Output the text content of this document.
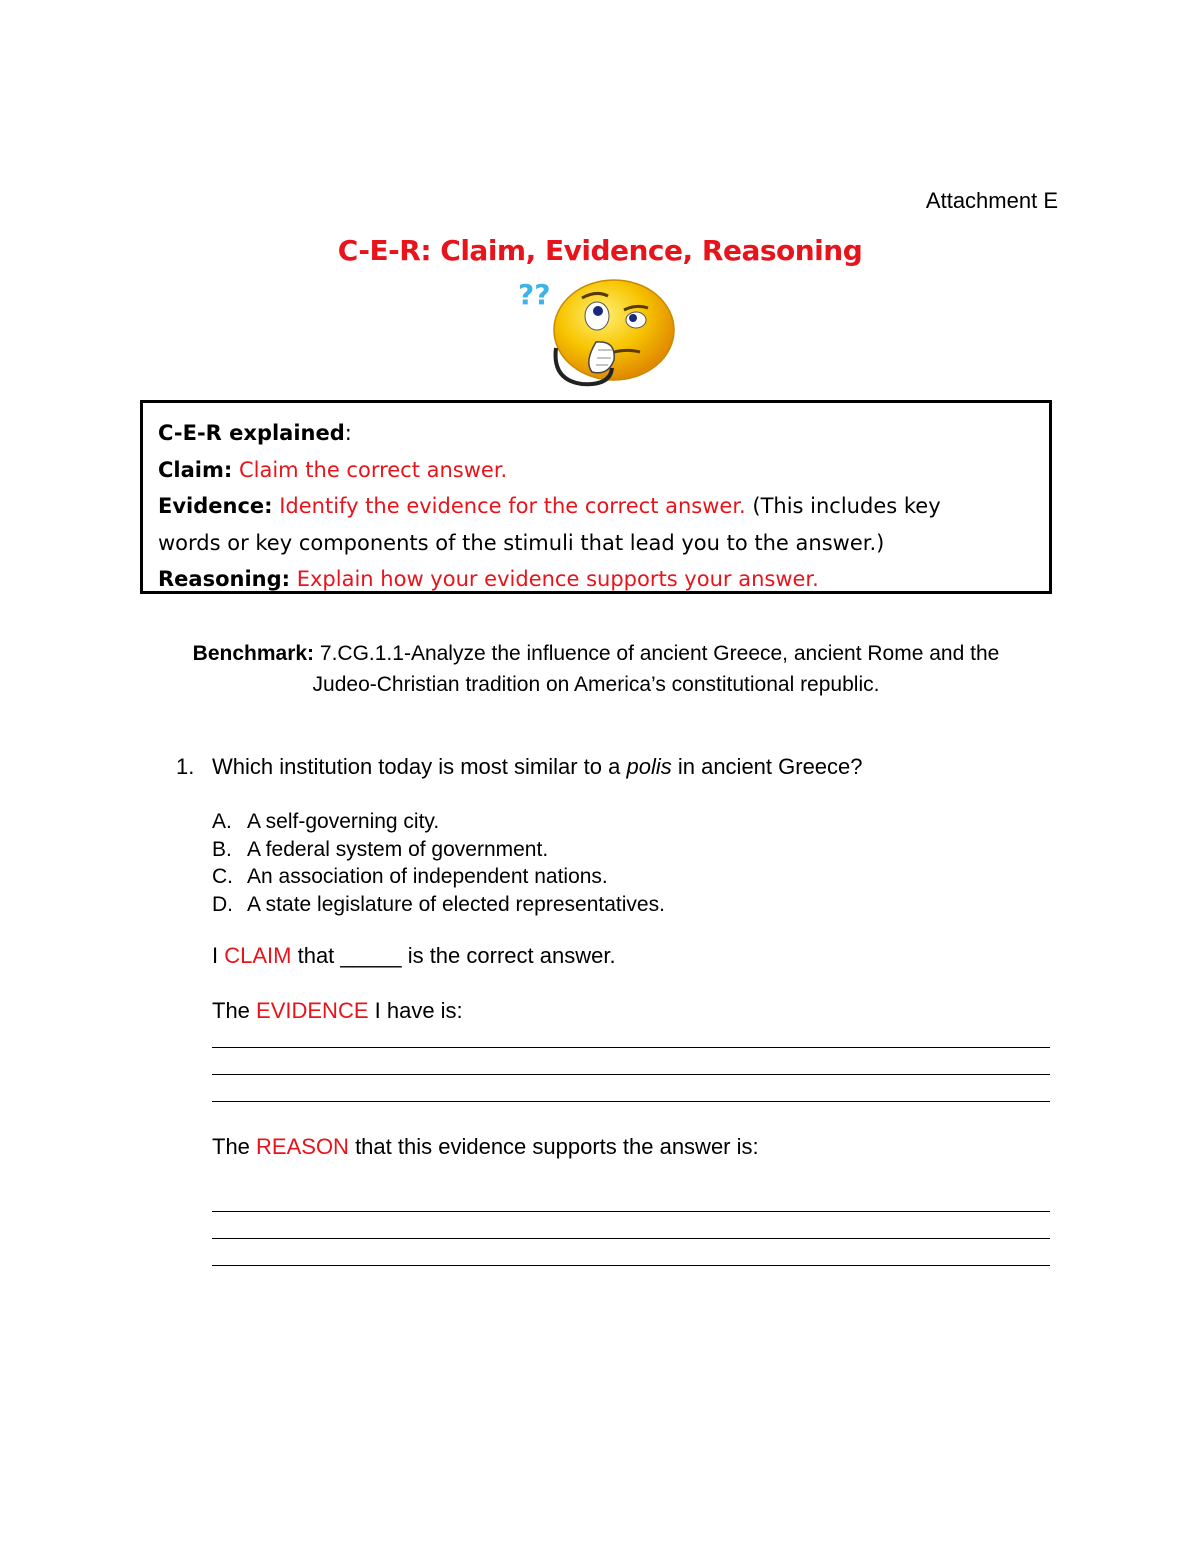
Attachment E
C-E-R: Claim, Evidence, Reasoning
??
C-E-R explained:
Claim: Claim the correct answer.
Evidence: Identify the evidence for the correct answer. (This includes key
words or key components of the stimuli that lead you to the answer.)
Reasoning: Explain how your evidence supports your answer.
Benchmark: 7.CG.1.1-Analyze the influence of ancient Greece, ancient Rome and the
Judeo-Christian tradition on America’s constitutional republic.
1. Which institution today is most similar to a polis in ancient Greece?
A. A self-governing city.
B. A federal system of government.
C. An association of independent nations.
D. A state legislature of elected representatives.
I CLAIM that _____ is the correct answer.
The EVIDENCE I have is:
The REASON that this evidence supports the answer is:
